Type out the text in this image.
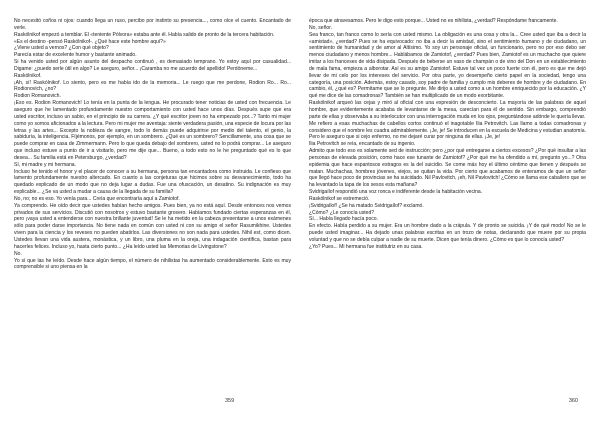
No necesitó coños ni ojos: cuando llega un ruso, percibo por instinto su presencia..., como olce el cuento. Encantado de verle.

Raskólnikof empezó a temblar. El «teniente Pólvora» estaba ante él. Había salido de pronto de la tercera habitación.

«Es el destino -pensó Raskólnikof-. ¿Qué hace este hombre aquí?»

¿Viene usted a vernos? ¿Con qué objeto?

Parecía estar de excelente humor y bastante animado.

Si ha venido usted por algún asunto del despacho continuó , es demasiado temprano. Yo estoy aquí por casualidad... Digame: ¿puedo serle útil en algo? Le aseguro, señor... ¡Caramba no me acuerdo del apellido! Perdóneme...

Raskólnikof.

¡Ah, sí! Raskólnikof. Lo siento, pero es me había ido de la memoria... Le ruego que me perdone, Rodion Ro... Ro... Rodionovich, ¿no?

Rodion Romanovich.

¡Eso es. Rodion Romanovich! Lo tenía en la punta de la lengua. He procurado tener noticias de usted con frecuencia. Le aseguro que he lamentado profundamente nuestro comportamiento con usted hace unos días. Después supe que era usted escritor, incluso un sabio, en el principio de su carrera. ¿Y qué escritor joven no ha empezado por...? Tanto mi mujer como yo somos aficionados a la lectura. Pero mi mujer me aventaja: siente verdadera pasión, una especie de locura por las letras y las artes... Excepto la nobleza de sangre, todo lo demás puede adquirirse por medio del talento, el genio, la sabiduría, la inteligencia. Fíjémonos, por ejemplo, en un sombrero. ¿Qué es un sombrero? Sencillamente, una cosa que se puede comprar en casa de Zimmermann. Pero lo que queda debajo del sombrero, usted no lo podrá comprar... Le aseguro que incluso estuve a punto de ir a visitarlo, pero me dije que... Bueno, a todo esto no le he preguntado qué es lo que desea... Su familia está en Petersburgo, ¿verdad?

Sí, mi madre y mi hermana.

Incluso he tenido el honor y el placer de conocer a su hermana, persona tan encantadora como instruida. Le confieso que lamento profundamente nuestro altercado. En cuanto a las conjeturas que hicimos sobre su desvanecimiento, todo ha quedado explicado de un modo que no deja lugar a dudas. Fue una ofuscación, un desatino. Su indignación es muy explicable... ¿Se va usted a mudar a causa de la llegada de su familia?

No, no; no es eso. Yo venía para... Creía que encontraría aquí a Zamiotof.

Ya comprendo. He oído decir que ustedes habían hecho amigos. Pues bien, ya no está aquí. Desde entonces nos vemos privados de sus servicios. Discutió con nosotros y estuvo bastante grosero. Habíamos fundado ciertas esperanzas en él, pero ¡vaya usted a entenderse con nuestra brillante juventud! Se le ha metido en la cabeza presentarse a unos exámenes sólo para poder darse importancia. No tiene nada en común con usted ni con su amigo el señor Rasumikhine. Ustedes viven para la ciencia y los reveses no pueden abatirlos. Las diversiones no son nada para ustedes. Nihil est, como dicen. Ustedes llevan una vida austera, monástica, y un libro, una pluma en la oreja, una indagación científica, bastan para hacerles felices. Incluso yo, hasta cierto punto... ¿Ha leído usted las Memorias de Livingstone?

No.

Yo sí que las he leído. Desde hace algún tiempo, el número de nihilistas ha aumentado considerablemente. Esto es muy comprensible si uno piensa en la

época que atravesamos. Pero le digo esto porque... Usted no es nihilista, ¿verdad? Respóndame francamente.

No, señor.

Sea franco, tan franco como lo sería con usted mismo. La obligación es una cosa y otra la... Cree usted que iba a decir la «amistad», ¿verdad? Pues se ha equivocado: no iba a decir la amistad, sino el sentimiento humano y de ciudadano, un sentimiento de humanidad y de amor al Altísimo. Yo soy un personaje oficial, un funcionario, pero no por eso debo ser menos ciudadano y menos hombre... Hablábamos de Zamiotof, ¿verdad? Pues bien, Zamiotof es un muchacho que quiere imitar a los franceses de vida disipada. Después de beberse un vaso de champán o de vino del Don en un establecimiento de mala fama, empieza a alborotar. Así es su amigo Zamiotof. Estuve tal vez un poco fuerte con él, pero es que me dejó llevar de mi celo por los intereses del servicio. Por otra parte, yo desempeño cierto papel en la sociedad, tengo una categoría, una posición. Además, estoy casado, soy padre de familia y cumplo mis deberes de hombre y de ciudadano. En cambio, él, ¿qué es? Permítame que se lo pregunte. Me dirijo a usted como a un hombre enriquecido por la educación. ¿Y qué me dice de las comadronas? También se han multiplicado de un modo exorbitante.

Raskólnikof arqueó las cejas y miró al oficial con una expresión de desconcierto. La mayoría de las palabras de aquel hombre, que evidentemente acababa de levantarse de la mesa, carecían para él de sentido. Sin embargo, comprendió parte de ellas y observaba a su interlocutor con una interrogación muda en los ojos, preguntándose adónde le quería llevar.

Me refiero a esas muchachas de cabellos cortos continuó el inagotable Ilia Petrovitch. Las llamo a todas comadronas y considero que el nombre les cuadra admirablemente. ¡Je, je! Se introducen en la escuela de Medicina y estudian anatomía. Pero le aseguro que si cejo enfermo, no me dejaré curar por ninguna de ellas. ¡Je, je!

Ilia Petrovitch se reía, encantado de su ingenio.

Admito que todo eso es solamente sed de instrucción; pero ¿por qué entregarse a ciertos excesos? ¿Por qué insultar a las personas de elevada posición, como hace ese tunante de Zamiotof? ¿Por qué me ha ofendido a mí, pregunto yo...? Otra epidemia que hace espantosos estragos es la del suicidio. Se come más hoy el último céntimo que tienen y después se matan. Muchachas, hombres jóvenes, viejos, se quitan la vida. Por cierto que acabamos de enteramos de que un señor que llegó hace poco de provincias se ha suicidado. Nil Pavlovitch, ¡eh, Nil Pavlovitch! ¿Cómo se llama ese caballero que se ha levantado la tapa de los sesos esta mañana?

Svidrigaílof respondió una voz ronca e indiferente desde la habitación vecina.

Raskólnikof se estremeció.

¡Svidrigaílof! ¿Se ha matado Svidrigaílof? exclamó.

¿Cómo? ¿Le conocía usted?

Sí... Había llegado hacía poco.

En efecto. Había perdido a su mujer. Era un hombre dado a la crápula. Y de pronto se suicida. ¡Y de qué modo! No se le puede usted imaginar... Ha dejado unas palabras escritas en un trozo de notas, declarando que muere por su propia voluntad y que no se debía culpar a nadie de su muerte. Dicen que tenía dinero. ¿Cómo es que lo conocía usted?

¿Yo? Pues... Mi hermana fue institutriz en su casa.

359	360
